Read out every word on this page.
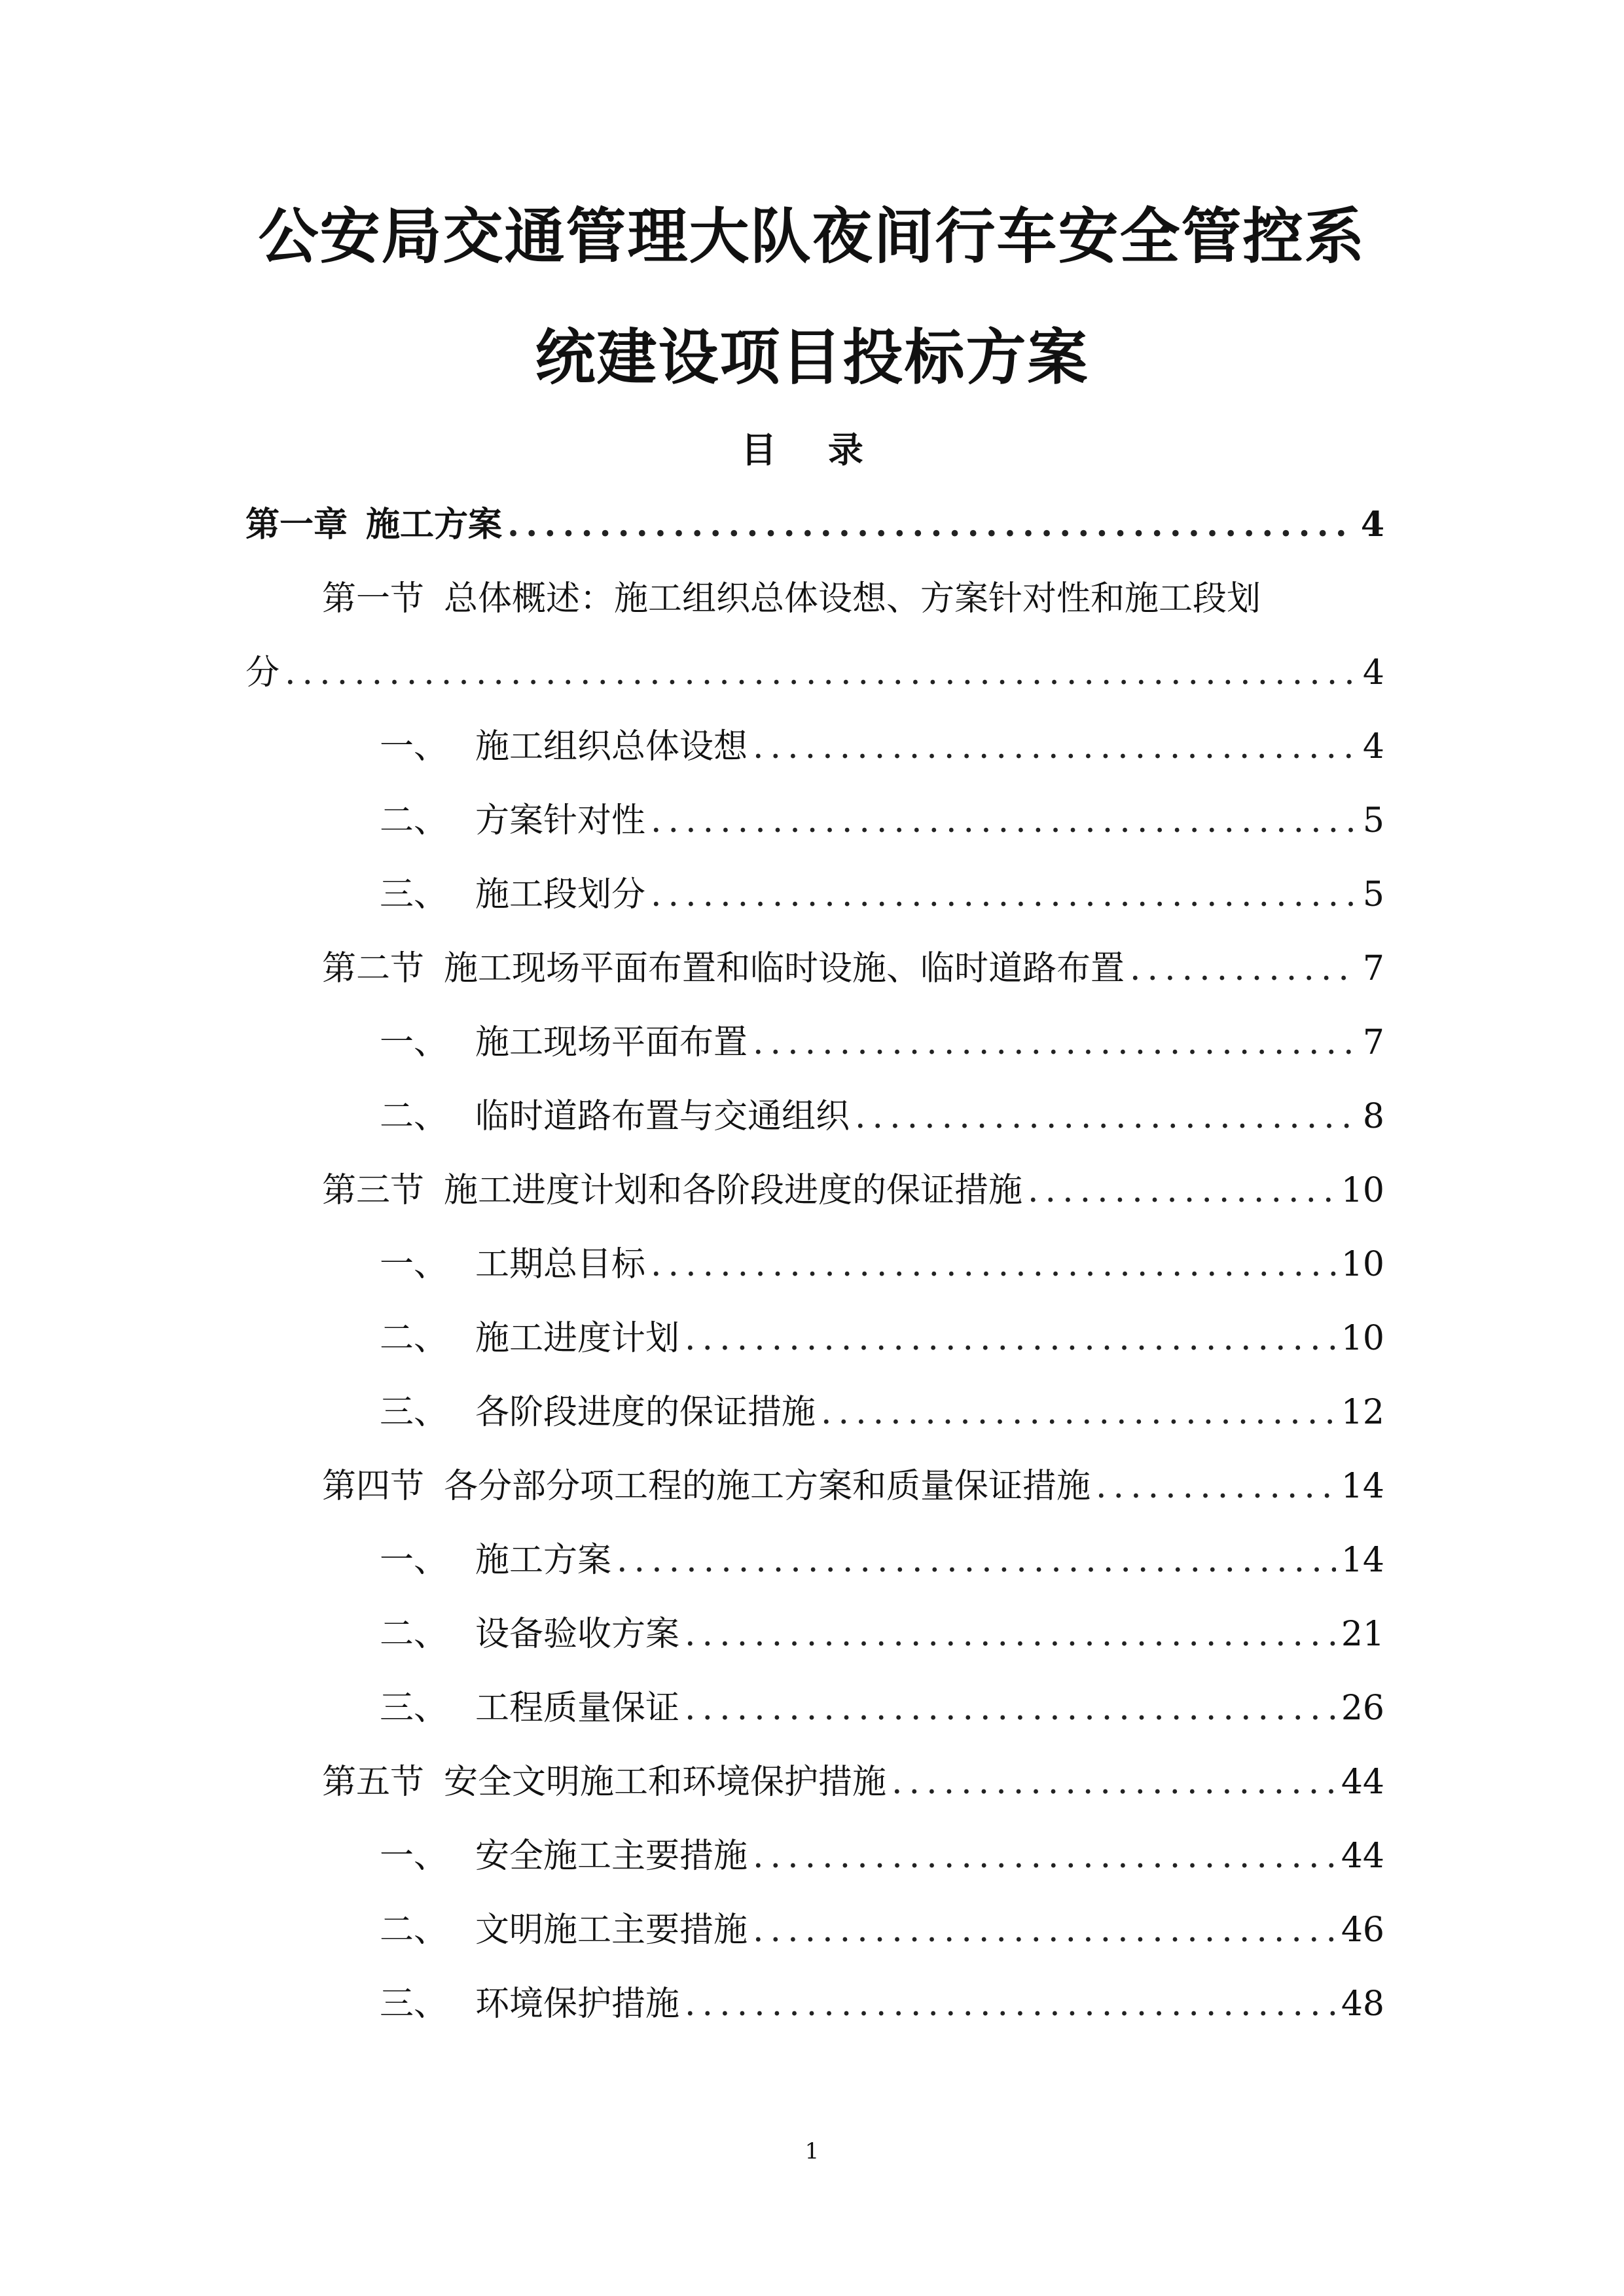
公安局交通管理大队夜间行车安全管控系
统建设项目投标方案
目 录
第一章 施工方案 .....	4
第一节 总体概述：施工组织总体设想、方案针对性和施工段划
分 .....	4
一、 施工组织总体设想 .....	4
二、 方案针对性 .....	5
三、 施工段划分 .....	5
第二节 施工现场平面布置和临时设施、临时道路布置 .....	7
一、 施工现场平面布置 .....	7
二、 临时道路布置与交通组织 .....	8
第三节 施工进度计划和各阶段进度的保证措施 .....	10
一、 工期总目标 .....	10
二、 施工进度计划 .....	10
三、 各阶段进度的保证措施 .....	12
第四节 各分部分项工程的施工方案和质量保证措施 .....	14
一、 施工方案 .....	14
二、 设备验收方案 .....	21
三、 工程质量保证 .....	26
第五节 安全文明施工和环境保护措施 .....	44
一、 安全施工主要措施 .....	44
二、 文明施工主要措施 .....	46
三、 环境保护措施 .....	48
1
